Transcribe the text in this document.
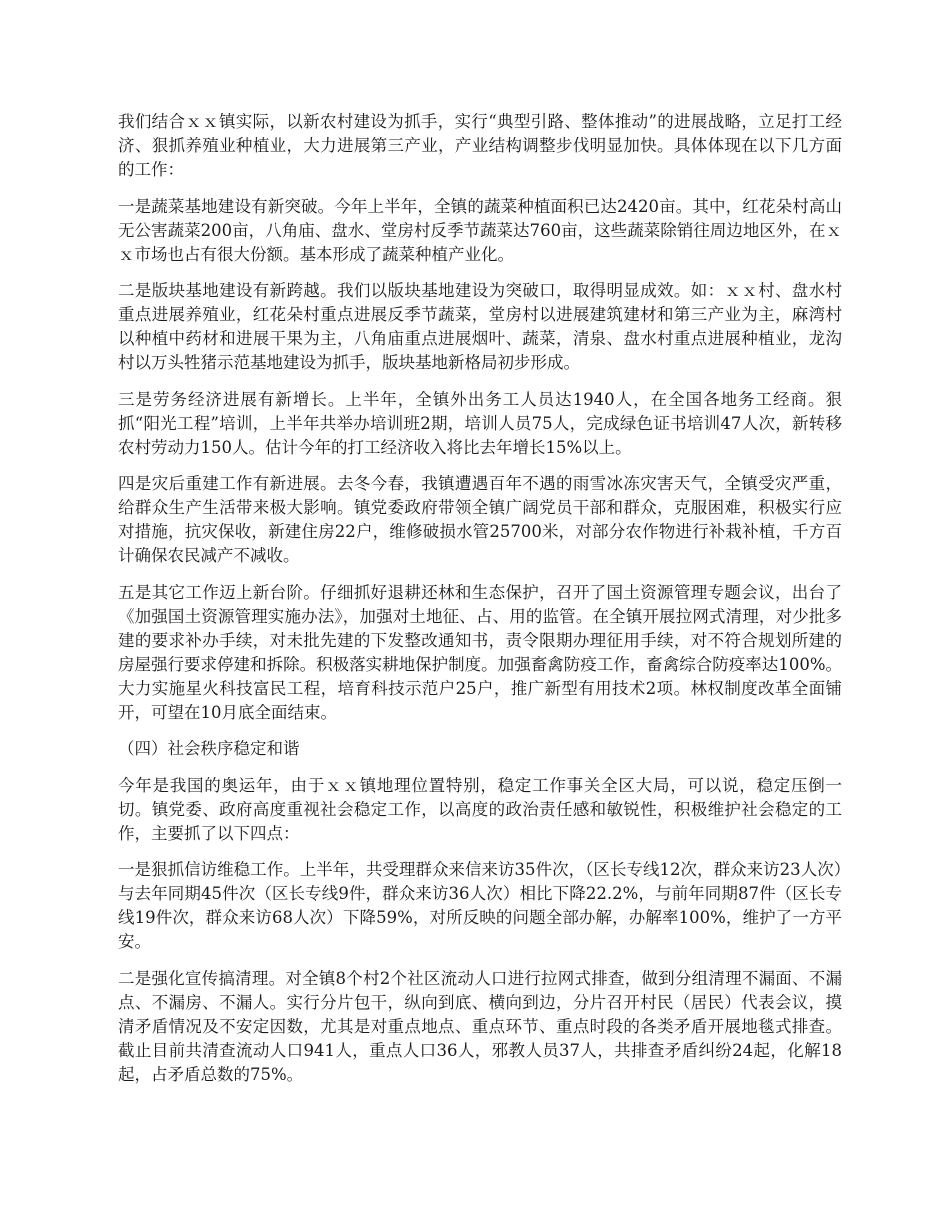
我们结合ｘｘ镇实际，以新农村建设为抓手，实行“典型引路、整体推动”的进展战略，立足打工经济、狠抓养殖业种植业，大力进展第三产业，产业结构调整步伐明显加快。具体体现在以下几方面的工作：

一是蔬菜基地建设有新突破。今年上半年，全镇的蔬菜种植面积已达2420亩。其中，红花朵村高山无公害蔬菜200亩，八角庙、盘水、堂房村反季节蔬菜达760亩，这些蔬菜除销往周边地区外，在ｘｘ市场也占有很大份额。基本形成了蔬菜种植产业化。

二是版块基地建设有新跨越。我们以版块基地建设为突破口，取得明显成效。如：ｘｘ村、盘水村重点进展养殖业，红花朵村重点进展反季节蔬菜，堂房村以进展建筑建材和第三产业为主，麻湾村以种植中药材和进展干果为主，八角庙重点进展烟叶、蔬菜，清泉、盘水村重点进展种植业，龙沟村以万头牲猪示范基地建设为抓手，版块基地新格局初步形成。

三是劳务经济进展有新增长。上半年，全镇外出务工人员达1940人，在全国各地务工经商。狠抓“阳光工程”培训，上半年共举办培训班2期，培训人员75人，完成绿色证书培训47人次，新转移农村劳动力150人。估计今年的打工经济收入将比去年增长15%以上。

四是灾后重建工作有新进展。去冬今春，我镇遭遇百年不遇的雨雪冰冻灾害天气，全镇受灾严重，给群众生产生活带来极大影响。镇党委政府带领全镇广阔党员干部和群众，克服困难，积极实行应对措施，抗灾保收，新建住房22户，维修破损水管25700米，对部分农作物进行补栽补植，千方百计确保农民减产不减收。

五是其它工作迈上新台阶。仔细抓好退耕还林和生态保护，召开了国土资源管理专题会议，出台了《加强国土资源管理实施办法》，加强对土地征、占、用的监管。在全镇开展拉网式清理，对少批多建的要求补办手续，对未批先建的下发整改通知书，责令限期办理征用手续，对不符合规划所建的房屋强行要求停建和拆除。积极落实耕地保护制度。加强畜禽防疫工作，畜禽综合防疫率达100%。大力实施星火科技富民工程，培育科技示范户25户，推广新型有用技术2项。林权制度改革全面铺开，可望在10月底全面结束。

（四）社会秩序稳定和谐

今年是我国的奥运年，由于ｘｘ镇地理位置特别，稳定工作事关全区大局，可以说，稳定压倒一切。镇党委、政府高度重视社会稳定工作，以高度的政治责任感和敏锐性，积极维护社会稳定的工作，主要抓了以下四点：

一是狠抓信访维稳工作。上半年，共受理群众来信来访35件次，（区长专线12次，群众来访23人次）与去年同期45件次（区长专线9件，群众来访36人次）相比下降22.2%，与前年同期87件（区长专线19件次，群众来访68人次）下降59%，对所反映的问题全部办解，办解率100%，维护了一方平安。

二是强化宣传搞清理。对全镇8个村2个社区流动人口进行拉网式排查，做到分组清理不漏面、不漏点、不漏房、不漏人。实行分片包干，纵向到底、横向到边，分片召开村民（居民）代表会议，摸清矛盾情况及不安定因数，尤其是对重点地点、重点环节、重点时段的各类矛盾开展地毯式排查。截止目前共清查流动人口941人，重点人口36人，邪教人员37人，共排查矛盾纠纷24起，化解18起，占矛盾总数的75%。
